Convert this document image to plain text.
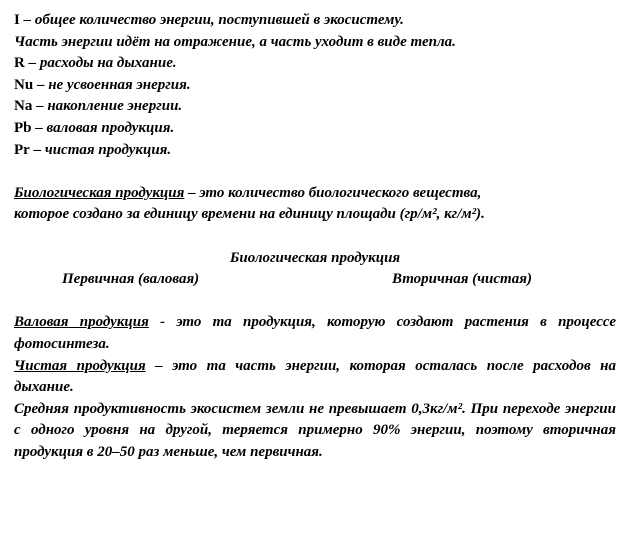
I – общее количество энергии, поступившей в экосистему.
Часть энергии идёт на отражение, а часть уходит в виде тепла.
R – расходы на дыхание.
Nu – не усвоенная энергия.
Na – накопление энергии.
Pb – валовая продукция.
Pr – чистая продукция.
Биологическая продукция – это количество биологического вещества,
которое создано за единицу времени на единицу площади (гр/м², кг/м²).
Биологическая продукция
Первичная (валовая)	Вторичная (чистая)
Валовая продукция - это та продукция, которую создают растения в процессе фотосинтеза.
Чистая продукция – это та часть энергии, которая осталась после расходов на дыхание.
Средняя продуктивность экосистем земли не превышает 0,3кг/м². При переходе энергии с одного уровня на другой, теряется примерно 90% энергии, поэтому вторичная продукция в 20–50 раз меньше, чем первичная.
